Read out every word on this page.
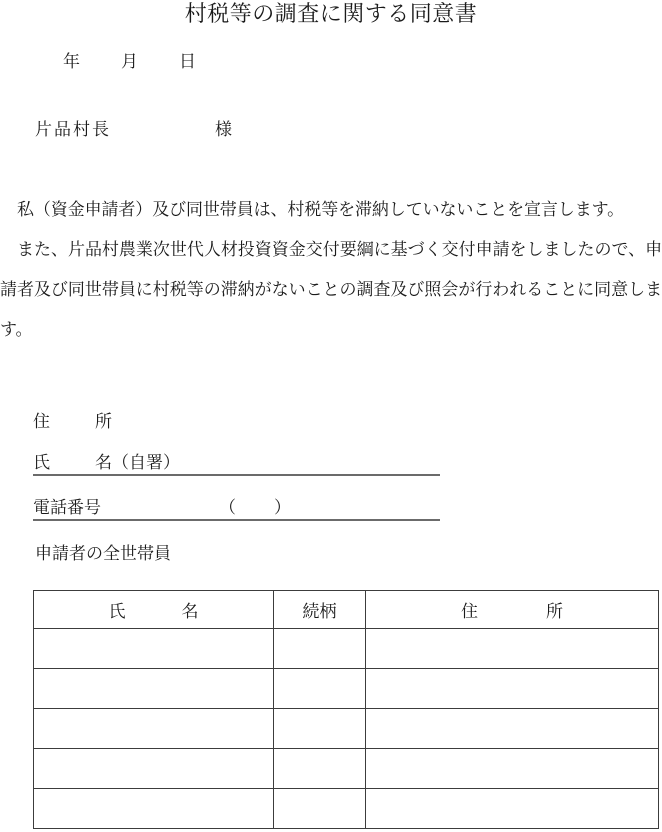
村税等の調査に関する同意書
年 月 日
片品村長	様

私（資金申請者）及び同世帯員は、村税等を滞納していないことを宣言します。

また、片品村農業次世代人材投資資金交付要綱に基づく交付申請をしましたので、申請者及び同世帯員に村税等の滞納がないことの調査及び照会が行われることに同意します。

住	所
氏	名（自署）
電話番号	（ ）
申請者の全世帯員
氏 名	続柄	住 所
